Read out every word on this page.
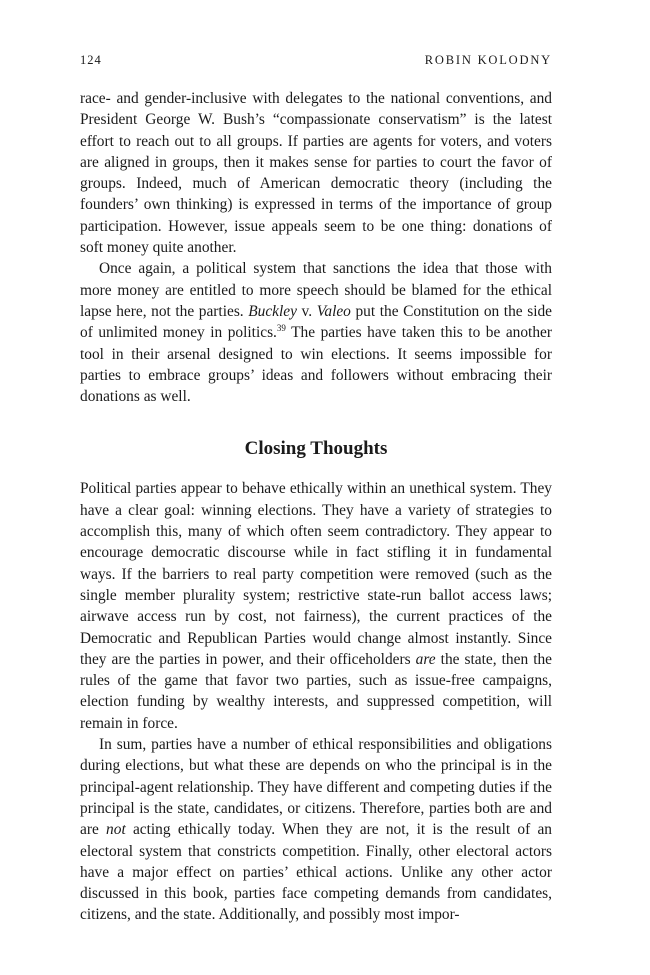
124	ROBIN KOLODNY

race- and gender-inclusive with delegates to the national conventions, and President George W. Bush’s “compassionate conservatism” is the latest effort to reach out to all groups. If parties are agents for voters, and voters are aligned in groups, then it makes sense for parties to court the favor of groups. Indeed, much of American democratic theory (including the founders’ own thinking) is expressed in terms of the importance of group participation. However, issue appeals seem to be one thing: donations of soft money quite another.

Once again, a political system that sanctions the idea that those with more money are entitled to more speech should be blamed for the ethical lapse here, not the parties. Buckley v. Valeo put the Constitution on the side of unlimited money in politics.$^{39}$ The parties have taken this to be another tool in their arsenal designed to win elections. It seems impossible for parties to embrace groups’ ideas and followers without embracing their donations as well.

Closing Thoughts

Political parties appear to behave ethically within an unethical system. They have a clear goal: winning elections. They have a variety of strategies to accomplish this, many of which often seem contradictory. They appear to encourage democratic discourse while in fact stifling it in fundamental ways. If the barriers to real party competition were removed (such as the single member plurality system; restrictive state-run ballot access laws; airwave access run by cost, not fairness), the current practices of the Democratic and Republican Parties would change almost instantly. Since they are the parties in power, and their officeholders are the state, then the rules of the game that favor two parties, such as issue-free campaigns, election funding by wealthy interests, and suppressed competition, will remain in force.

In sum, parties have a number of ethical responsibilities and obligations during elections, but what these are depends on who the principal is in the principal-agent relationship. They have different and competing duties if the principal is the state, candidates, or citizens. Therefore, parties both are and are not acting ethically today. When they are not, it is the result of an electoral system that constricts competition. Finally, other electoral actors have a major effect on parties’ ethical actions. Unlike any other actor discussed in this book, parties face competing demands from candidates, citizens, and the state. Additionally, and possibly most impor-
